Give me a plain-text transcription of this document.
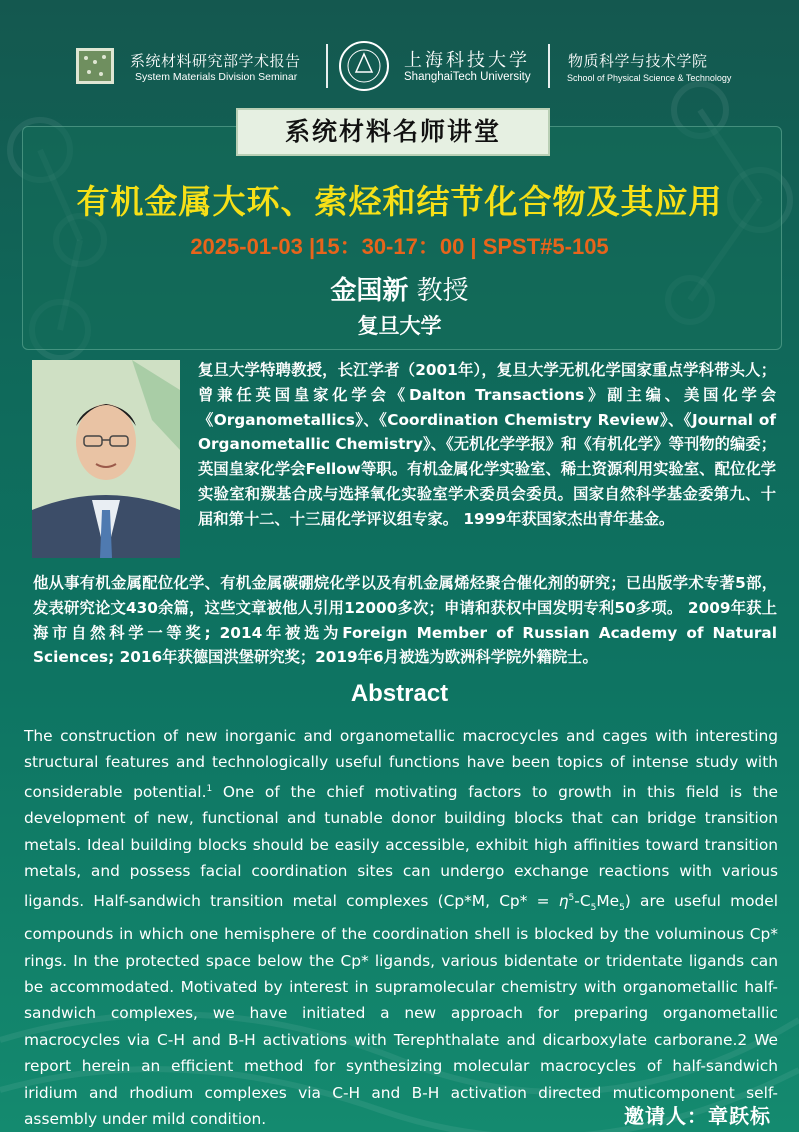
系统材料研究部学术报告
System Materials Division Seminar
上海科技大学
ShanghaiTech University
物质科学与技术学院
School of Physical Science & Technology
系统材料名师讲堂
有机金属大环、索烃和结节化合物及其应用
2025-01-03 |15：30-17：00 | SPST#5-105
金国新 教授
复旦大学
复旦大学特聘教授，长江学者（2001年），复旦大学无机化学国家重点学科带头人；曾兼任英国皇家化学会《Dalton Transactions》副主编、美国化学会《Organometallics》、《Coordination Chemistry Review》、《Journal of Organometallic Chemistry》、《无机化学学报》和《有机化学》等刊物的编委；英国皇家化学会Fellow等职。有机金属化学实验室、稀土资源利用实验室、配位化学实验室和羰基合成与选择氧化实验室学术委员会委员。国家自然科学基金委第九、十届和第十二、十三届化学评议组专家。 1999年获国家杰出青年基金。
他从事有机金属配位化学、有机金属碳硼烷化学以及有机金属烯烃聚合催化剂的研究；已出版学术专著5部，发表研究论文430余篇，这些文章被他人引用12000多次；申请和获权中国发明专利50多项。 2009年获上海市自然科学一等奖; 2014年被选为Foreign Member of Russian Academy of Natural Sciences; 2016年获德国洪堡研究奖；2019年6月被选为欧洲科学院外籍院士。
Abstract
The construction of new inorganic and organometallic macrocycles and cages with interesting structural features and technologically useful functions have been topics of intense study with considerable potential.$^1$ One of the chief motivating factors to growth in this field is the development of new, functional and tunable donor building blocks that can bridge transition metals. Ideal building blocks should be easily accessible, exhibit high affinities toward transition metals, and possess facial coordination sites can undergo exchange reactions with various ligands. Half-sandwich transition metal complexes (Cp*M, $Cp* = \eta^5-C_5Me_5$) are useful model compounds in which one hemisphere of the coordination shell is blocked by the voluminous Cp* rings. In the protected space below the Cp* ligands, various bidentate or tridentate ligands can be accommodated. Motivated by interest in supramolecular chemistry with organometallic half-sandwich complexes, we have initiated a new approach for preparing organometallic macrocycles via C-H and B-H activations with Terephthalate and dicarboxylate carborane.2 We report herein an efficient method for synthesizing molecular macrocycles of half-sandwich iridium and rhodium complexes via C-H and B-H activation directed muticomponent self-assembly under mild condition.	邀请人：章跃标
